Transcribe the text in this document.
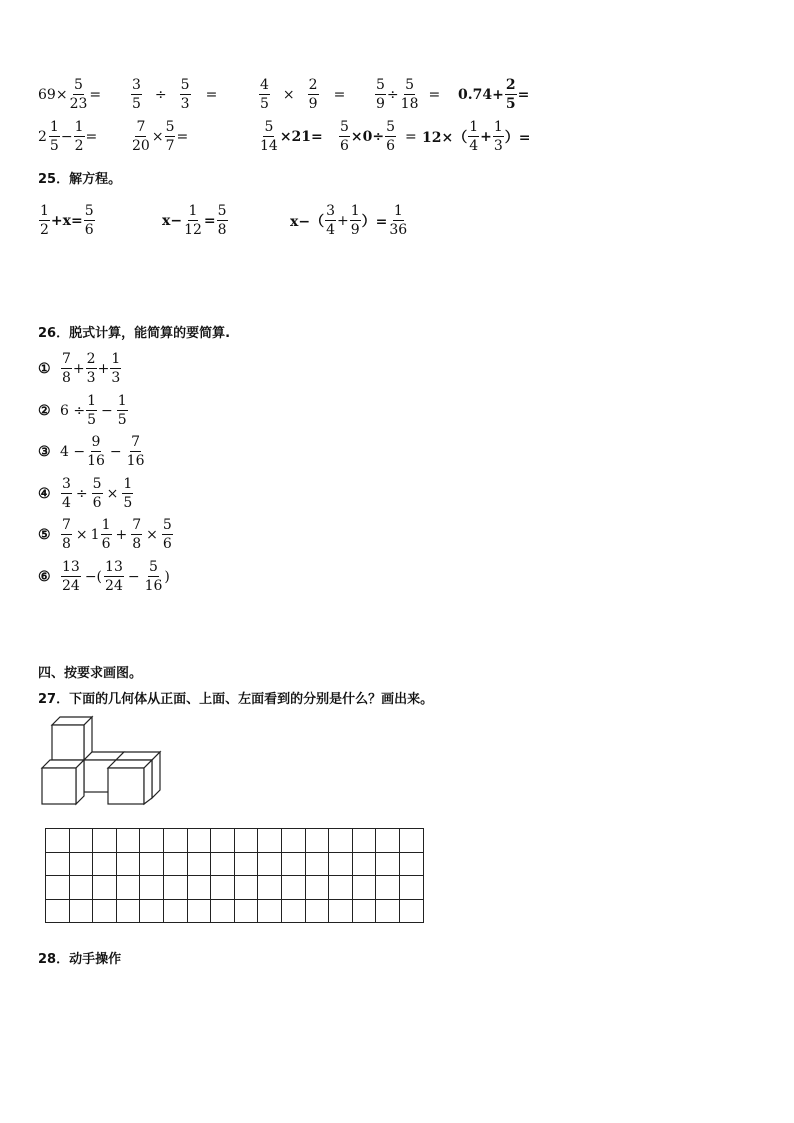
$69 \times \frac{5}{23} = \frac{3}{5} \div \frac{5}{3}$ =	$\frac{4}{5} \times \frac{2}{9} = \frac{5}{9} \div \frac{5}{18} = 0.74+ \frac{2}{5}$ =
$2 \frac{1}{5} - \frac{1}{2} = \frac{7}{20} \times \frac{5}{7}$ =	$\frac{5}{14} \times 21= \frac{5}{6} \times 0\div \frac{5}{6} = 12\times( \frac{1}{4} + \frac{1}{3}$ ）=
25．解方程。
$\frac{1}{2} +x= \frac{5}{6}$	$x- \frac{1}{12} = \frac{5}{8}$	$x-( \frac{3}{4} + \frac{1}{9}$ ）= $\frac{1}{36}$
26．脱式计算，能简算的要简算.
① $\frac{7}{8} + \frac{2}{3} + \frac{1}{3}$
② $6 \div \frac{1}{5} - \frac{1}{5}$
③ $4 - \frac{9}{16} - \frac{7}{16}$
④ $\frac{3}{4} \div \frac{5}{6} \times \frac{1}{5}$
⑤ $\frac{7}{8} \times 1 \frac{1}{6} + \frac{7}{8} \times \frac{5}{6}$
⑥ $\frac{13}{24}$ −( $\frac{13}{24} - \frac{5}{16}$ )
四、按要求画图。
27．下面的几何体从正面、上面、左面看到的分别是什么？画出来。

28．动手操作
